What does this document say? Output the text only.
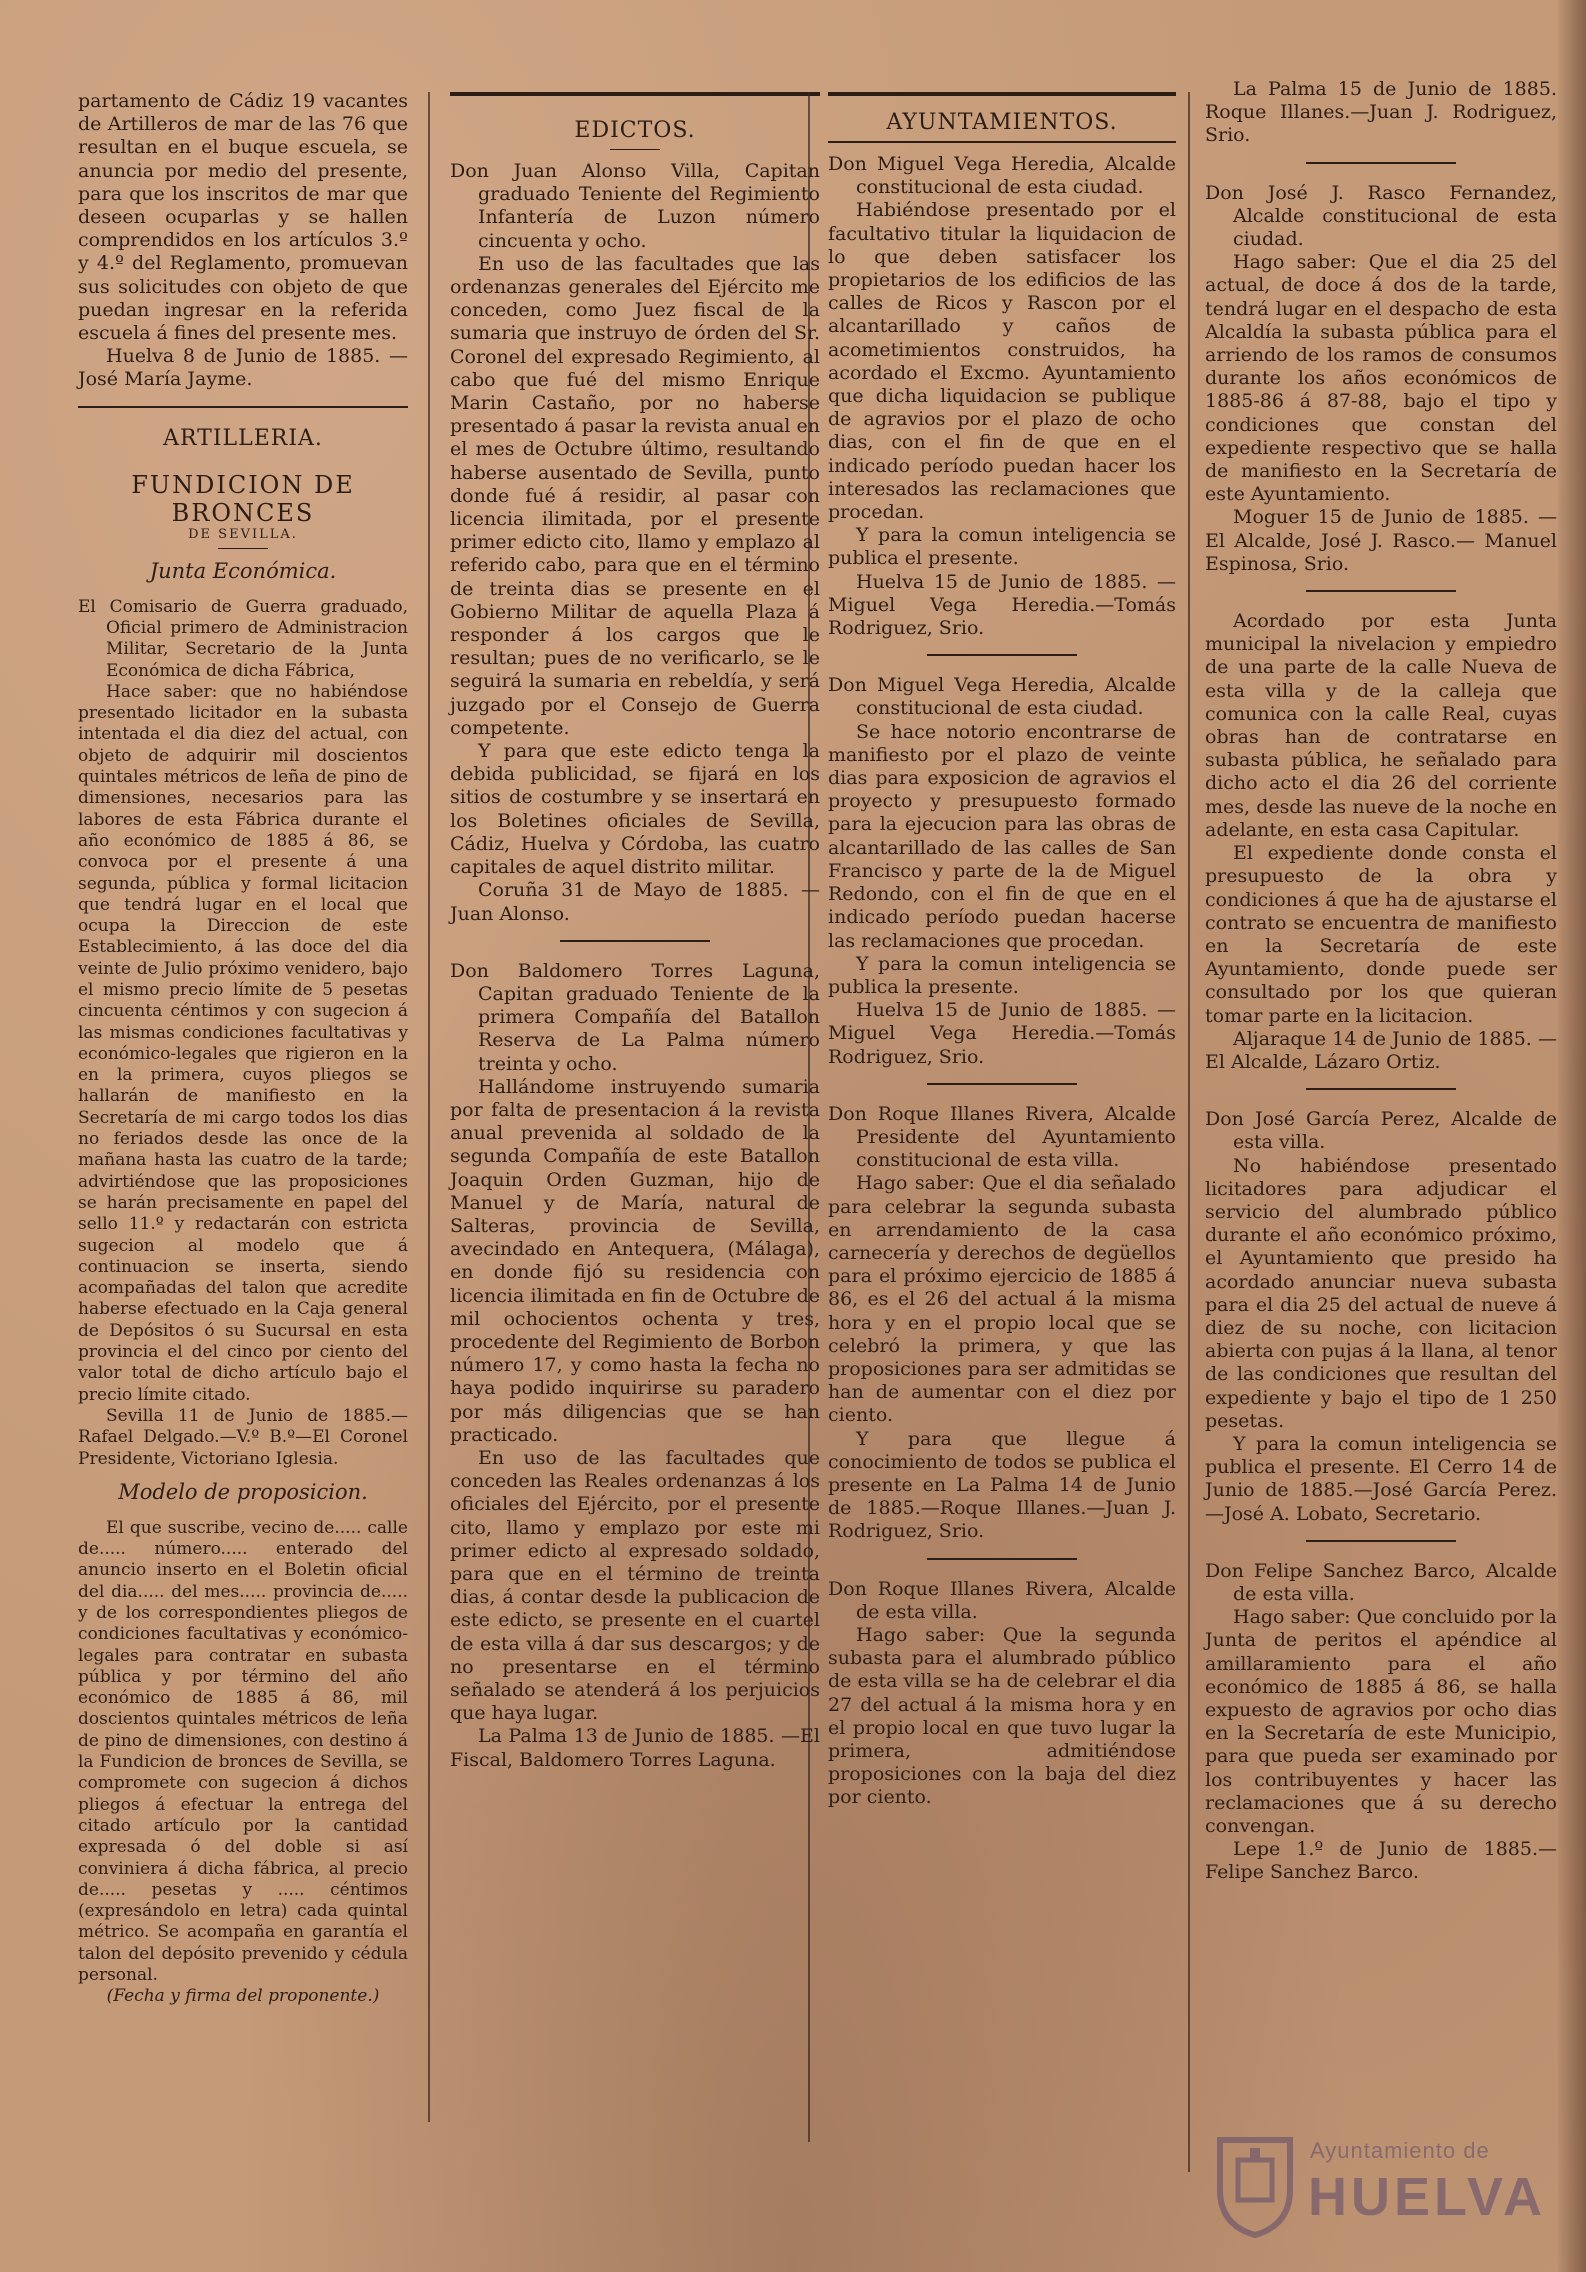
partamento de Cádiz 19 vacantes de Artilleros de mar de las 76 que resultan en el buque escuela, se anuncia por medio del presente, para que los inscritos de mar que deseen ocuparlas y se hallen comprendidos en los artículos 3.º y 4.º del Reglamento, promuevan sus solicitudes con objeto de que puedan ingresar en la referida escuela á fines del presente mes.

Huelva 8 de Junio de 1885. —José María Jayme.

ARTILLERIA.
FUNDICION DE BRONCES
DE SEVILLA.
Junta Económica.

El Comisario de Guerra graduado, Oficial primero de Administracion Militar, Secretario de la Junta Económica de dicha Fábrica,

Hace saber: que no habiéndose presentado licitador en la subasta intentada el dia diez del actual, con objeto de adquirir mil doscientos quintales métricos de leña de pino de dimensiones, necesarios para las labores de esta Fábrica durante el año económico de 1885 á 86, se convoca por el presente á una segunda, pública y formal licitacion que tendrá lugar en el local que ocupa la Direccion de este Establecimiento, á las doce del dia veinte de Julio próximo venidero, bajo el mismo precio límite de 5 pesetas cincuenta céntimos y con sugecion á las mismas condiciones facultativas y económico-legales que rigieron en la en la primera, cuyos pliegos se hallarán de manifiesto en la Secretaría de mi cargo todos los dias no feriados desde las once de la mañana hasta las cuatro de la tarde; advirtiéndose que las proposiciones se harán precisamente en papel del sello 11.º y redactarán con estricta sugecion al modelo que á continuacion se inserta, siendo acompañadas del talon que acredite haberse efectuado en la Caja general de Depósitos ó su Sucursal en esta provincia el del cinco por ciento del valor total de dicho artículo bajo el precio límite citado.

Sevilla 11 de Junio de 1885.— Rafael Delgado.—V.º B.º—El Coronel Presidente, Victoriano Iglesia.

Modelo de proposicion.

El que suscribe, vecino de..... calle de..... número..... enterado del anuncio inserto en el Boletin oficial del dia..... del mes..... provincia de..... y de los correspondientes pliegos de condiciones facultativas y económico-legales para contratar en subasta pública y por término del año económico de 1885 á 86, mil doscientos quintales métricos de leña de pino de dimensiones, con destino á la Fundicion de bronces de Sevilla, se compromete con sugecion á dichos pliegos á efectuar la entrega del citado artículo por la cantidad expresada ó del doble si así conviniera á dicha fábrica, al precio de..... pesetas y ..... céntimos (expresándolo en letra) cada quintal métrico. Se acompaña en garantía el talon del depósito prevenido y cédula personal.

(Fecha y firma del proponente.)

EDICTOS.

Don Juan Alonso Villa, Capitan graduado Teniente del Regimiento Infantería de Luzon número cincuenta y ocho.

En uso de las facultades que las ordenanzas generales del Ejército me conceden, como Juez fiscal de la sumaria que instruyo de órden del Sr. Coronel del expresado Regimiento, al cabo que fué del mismo Enrique Marin Castaño, por no haberse presentado á pasar la revista anual en el mes de Octubre último, resultando haberse ausentado de Sevilla, punto donde fué á residir, al pasar con licencia ilimitada, por el presente primer edicto cito, llamo y emplazo al referido cabo, para que en el término de treinta dias se presente en el Gobierno Militar de aquella Plaza á responder á los cargos que le resultan; pues de no verificarlo, se le seguirá la sumaria en rebeldía, y será juzgado por el Consejo de Guerra competente.

Y para que este edicto tenga la debida publicidad, se fijará en los sitios de costumbre y se insertará en los Boletines oficiales de Sevilla, Cádiz, Huelva y Córdoba, las cuatro capitales de aquel distrito militar.

Coruña 31 de Mayo de 1885. —Juan Alonso.

Don Baldomero Torres Laguna, Capitan graduado Teniente de la primera Compañía del Batallon Reserva de La Palma número treinta y ocho.

Hallándome instruyendo sumaria por falta de presentacion á la revista anual prevenida al soldado de la segunda Compañía de este Batallon Joaquin Orden Guzman, hijo de Manuel y de María, natural de Salteras, provincia de Sevilla, avecindado en Antequera, (Málaga), en donde fijó su residencia con licencia ilimitada en fin de Octubre de mil ochocientos ochenta y tres, procedente del Regimiento de Borbon número 17, y como hasta la fecha no haya podido inquirirse su paradero por más diligencias que se han practicado.

En uso de las facultades que conceden las Reales ordenanzas á los oficiales del Ejército, por el presente cito, llamo y emplazo por este mi primer edicto al expresado soldado, para que en el término de treinta dias, á contar desde la publicacion de este edicto, se presente en el cuartel de esta villa á dar sus descargos; y de no presentarse en el término señalado se atenderá á los perjuicios que haya lugar.

La Palma 13 de Junio de 1885. —El Fiscal, Baldomero Torres Laguna.

AYUNTAMIENTOS.

Don Miguel Vega Heredia, Alcalde constitucional de esta ciudad.

Habiéndose presentado por el facultativo titular la liquidacion de lo que deben satisfacer los propietarios de los edificios de las calles de Ricos y Rascon por el alcantarillado y caños de acometimientos construidos, ha acordado el Excmo. Ayuntamiento que dicha liquidacion se publique de agravios por el plazo de ocho dias, con el fin de que en el indicado período puedan hacer los interesados las reclamaciones que procedan.

Y para la comun inteligencia se publica el presente.

Huelva 15 de Junio de 1885. —Miguel Vega Heredia.—Tomás Rodriguez, Srio.

Don Miguel Vega Heredia, Alcalde constitucional de esta ciudad.

Se hace notorio encontrarse de manifiesto por el plazo de veinte dias para exposicion de agravios el proyecto y presupuesto formado para la ejecucion para las obras de alcantarillado de las calles de San Francisco y parte de la de Miguel Redondo, con el fin de que en el indicado período puedan hacerse las reclamaciones que procedan.

Y para la comun inteligencia se publica la presente.

Huelva 15 de Junio de 1885. —Miguel Vega Heredia.—Tomás Rodriguez, Srio.

Don Roque Illanes Rivera, Alcalde Presidente del Ayuntamiento constitucional de esta villa.

Hago saber: Que el dia señalado para celebrar la segunda subasta en arrendamiento de la casa carnecería y derechos de degüellos para el próximo ejercicio de 1885 á 86, es el 26 del actual á la misma hora y en el propio local que se celebró la primera, y que las proposiciones para ser admitidas se han de aumentar con el diez por ciento.

Y para que llegue á conocimiento de todos se publica el presente en La Palma 14 de Junio de 1885.—Roque Illanes.—Juan J. Rodriguez, Srio.

Don Roque Illanes Rivera, Alcalde de esta villa.

Hago saber: Que la segunda subasta para el alumbrado público de esta villa se ha de celebrar el dia 27 del actual á la misma hora y en el propio local en que tuvo lugar la primera, admitiéndose proposiciones con la baja del diez por ciento.

La Palma 15 de Junio de 1885. Roque Illanes.—Juan J. Rodriguez, Srio.

Don José J. Rasco Fernandez, Alcalde constitucional de esta ciudad.

Hago saber: Que el dia 25 del actual, de doce á dos de la tarde, tendrá lugar en el despacho de esta Alcaldía la subasta pública para el arriendo de los ramos de consumos durante los años económicos de 1885-86 á 87-88, bajo el tipo y condiciones que constan del expediente respectivo que se halla de manifiesto en la Secretaría de este Ayuntamiento.

Moguer 15 de Junio de 1885. —El Alcalde, José J. Rasco.— Manuel Espinosa, Srio.

Acordado por esta Junta municipal la nivelacion y empiedro de una parte de la calle Nueva de esta villa y de la calleja que comunica con la calle Real, cuyas obras han de contratarse en subasta pública, he señalado para dicho acto el dia 26 del corriente mes, desde las nueve de la noche en adelante, en esta casa Capitular.

El expediente donde consta el presupuesto de la obra y condiciones á que ha de ajustarse el contrato se encuentra de manifiesto en la Secretaría de este Ayuntamiento, donde puede ser consultado por los que quieran tomar parte en la licitacion.

Aljaraque 14 de Junio de 1885. —El Alcalde, Lázaro Ortiz.

Don José García Perez, Alcalde de esta villa.

No habiéndose presentado licitadores para adjudicar el servicio del alumbrado público durante el año económico próximo, el Ayuntamiento que presido ha acordado anunciar nueva subasta para el dia 25 del actual de nueve á diez de su noche, con licitacion abierta con pujas á la llana, al tenor de las condiciones que resultan del expediente y bajo el tipo de 1 250 pesetas.

Y para la comun inteligencia se publica el presente. El Cerro 14 de Junio de 1885.—José García Perez.—José A. Lobato, Secretario.

Don Felipe Sanchez Barco, Alcalde de esta villa.

Hago saber: Que concluido por la Junta de peritos el apéndice al amillaramiento para el año económico de 1885 á 86, se halla expuesto de agravios por ocho dias en la Secretaría de este Municipio, para que pueda ser examinado por los contribuyentes y hacer las reclamaciones que á su derecho convengan.

Lepe 1.º de Junio de 1885.— Felipe Sanchez Barco.

Ayuntamiento de
HUELVA
